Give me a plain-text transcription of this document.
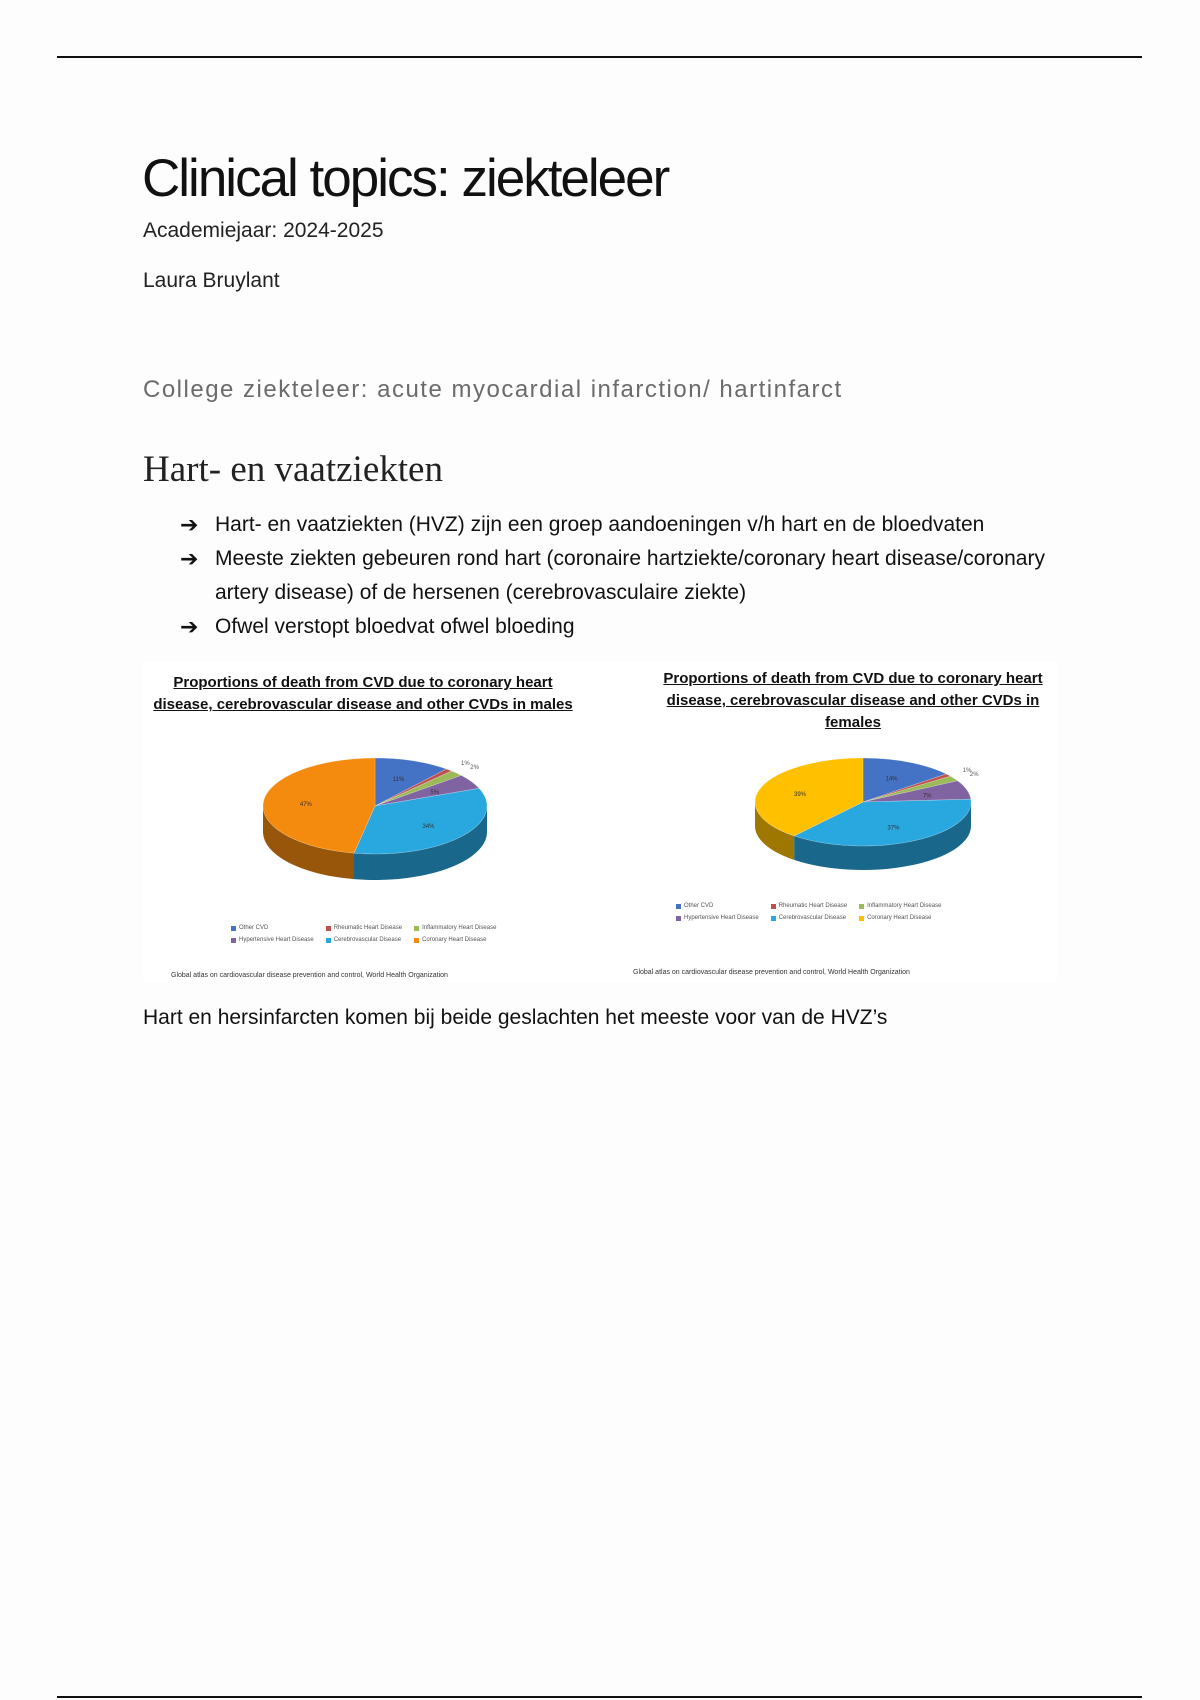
Clinical topics: ziekteleer
Academiejaar: 2024-2025
Laura Bruylant
College ziekteleer: acute myocardial infarction/ hartinfarct
Hart- en vaatziekten
➔ Hart- en vaatziekten (HVZ) zijn een groep aandoeningen v/h hart en de bloedvaten
➔ Meeste ziekten gebeuren rond hart (coronaire hartziekte/coronary heart disease/coronary artery disease) of de hersenen (cerebrovasculaire ziekte)
➔ Ofwel verstopt bloedvat ofwel bloeding
Proportions of death from CVD due to coronary heart disease, cerebrovascular disease and other CVDs in males
11%
1%
2%
5%
34%
47%
Other CVD	Rheumatic Heart Disease	Inflammatory Heart Disease
Hypertensive Heart Disease	Cerebrovascular Disease	Coronary Heart Disease
Global atlas on cardiovascular disease prevention and control, World Health Organization
Proportions of death from CVD due to coronary heart disease, cerebrovascular disease and other CVDs in females
14%
1%
2%
7%
37%
39%
Other CVD	Rheumatic Heart Disease	Inflammatory Heart Disease
Hypertensive Heart Disease	Cerebrovascular Disease	Coronary Heart Disease
Global atlas on cardiovascular disease prevention and control, World Health Organization
Hart en hersinfarcten komen bij beide geslachten het meeste voor van de HVZ’s
